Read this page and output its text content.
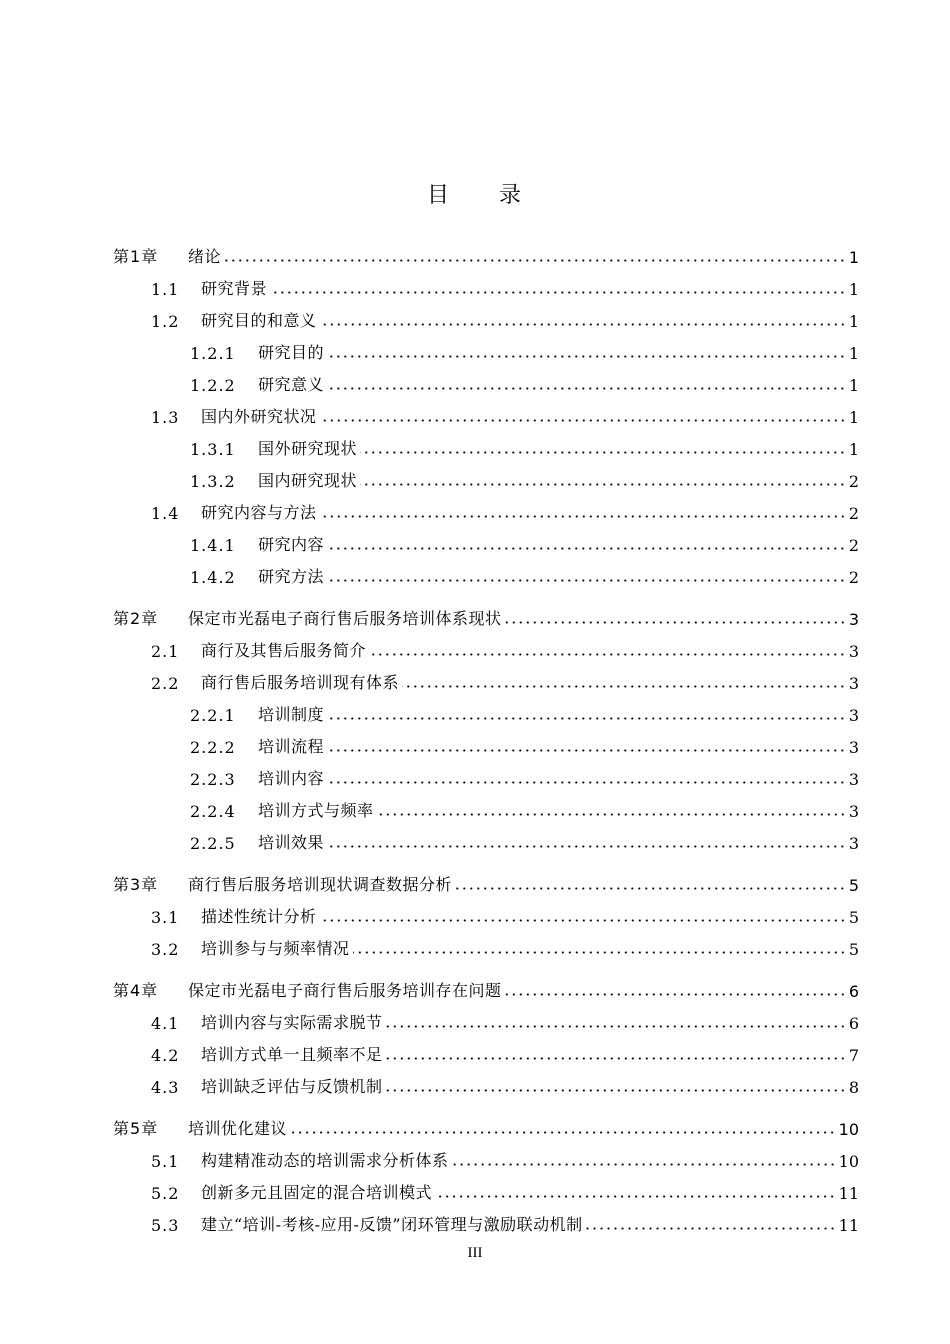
目　　录
第1章	绪论	1
1.1	研究背景	1
1.2	研究目的和意义	1
1.2.1	研究目的	1
1.2.2	研究意义	1
1.3	国内外研究状况	1
1.3.1	国外研究现状	1
1.3.2	国内研究现状	2
1.4	研究内容与方法	2
1.4.1	研究内容	2
1.4.2	研究方法	2
第2章	保定市光磊电子商行售后服务培训体系现状	3
2.1	商行及其售后服务简介	3
2.2	商行售后服务培训现有体系	3
2.2.1	培训制度	3
2.2.2	培训流程	3
2.2.3	培训内容	3
2.2.4	培训方式与频率	3
2.2.5	培训效果	3
第3章	商行售后服务培训现状调查数据分析	5
3.1	描述性统计分析	5
3.2	培训参与与频率情况	5
第4章	保定市光磊电子商行售后服务培训存在问题	6
4.1	培训内容与实际需求脱节	6
4.2	培训方式单一且频率不足	7
4.3	培训缺乏评估与反馈机制	8
第5章	培训优化建议	10
5.1	构建精准动态的培训需求分析体系	10
5.2	创新多元且固定的混合培训模式	11
5.3	建立“培训-考核-应用-反馈”闭环管理与激励联动机制	11
III
